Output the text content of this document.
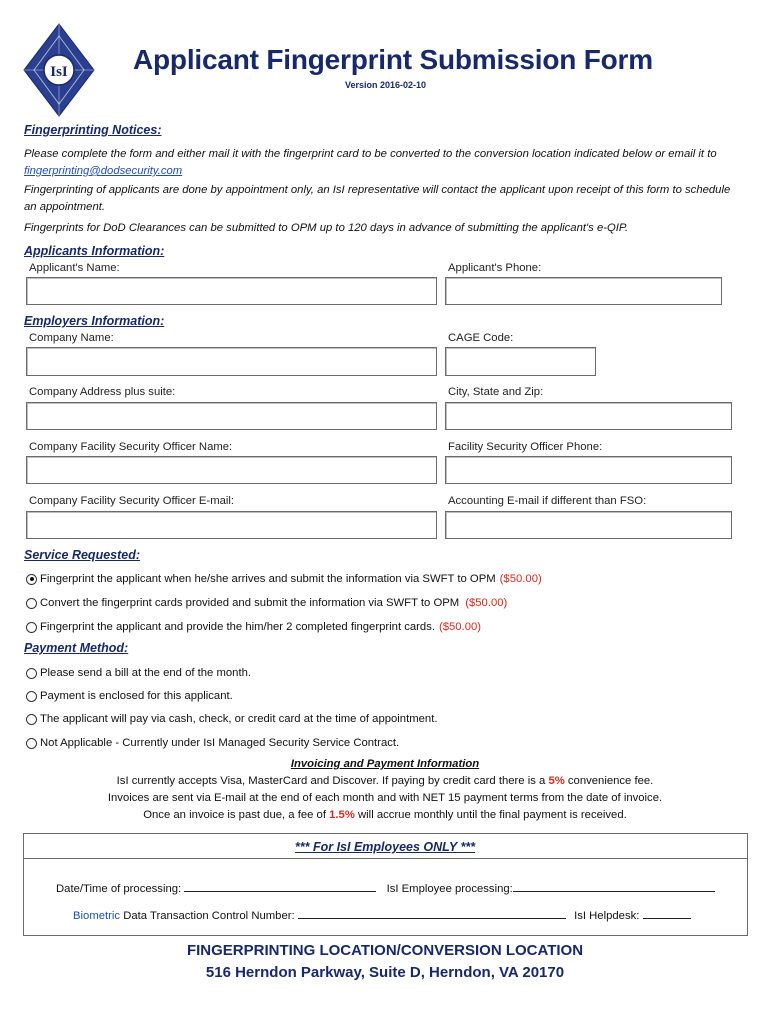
IsI Applicant Fingerprint Submission Form
Version 2016-02-10
Fingerprinting Notices:
Please complete the form and either mail it with the fingerprint card to be converted to the conversion location indicated below or email it to
fingerprinting@dodsecurity.com
Fingerprinting of applicants are done by appointment only, an IsI representative will contact the applicant upon receipt of this form to schedule an appointment.
Fingerprints for DoD Clearances can be submitted to OPM up to 120 days in advance of submitting the applicant's e-QIP.
Applicants Information:
Applicant's Name:	Applicant's Phone:
Employers Information:
Company Name:	CAGE Code:
Company Address plus suite:	City, State and Zip:
Company Facility Security Officer Name:	Facility Security Officer Phone:
Company Facility Security Officer E-mail:	Accounting E-mail if different than FSO:
Service Requested:
Fingerprint the applicant when he/she arrives and submit the information via SWFT to OPM ($50.00)
Convert the fingerprint cards provided and submit the information via SWFT to OPM ($50.00)
Fingerprint the applicant and provide the him/her 2 completed fingerprint cards. ($50.00)
Payment Method:
Please send a bill at the end of the month.
Payment is enclosed for this applicant.
The applicant will pay via cash, check, or credit card at the time of appointment.
Not Applicable - Currently under IsI Managed Security Service Contract.
Invoicing and Payment Information
IsI currently accepts Visa, MasterCard and Discover. If paying by credit card there is a 5% convenience fee.
Invoices are sent via E-mail at the end of each month and with NET 15 payment terms from the date of invoice.
Once an invoice is past due, a fee of 1.5% will accrue monthly until the final payment is received.
*** For IsI Employees ONLY ***
Date/Time of processing:	IsI Employee processing:
Biometric Data Transaction Control Number:	IsI Helpdesk:
FINGERPRINTING LOCATION/CONVERSION LOCATION
516 Herndon Parkway, Suite D, Herndon, VA 20170
